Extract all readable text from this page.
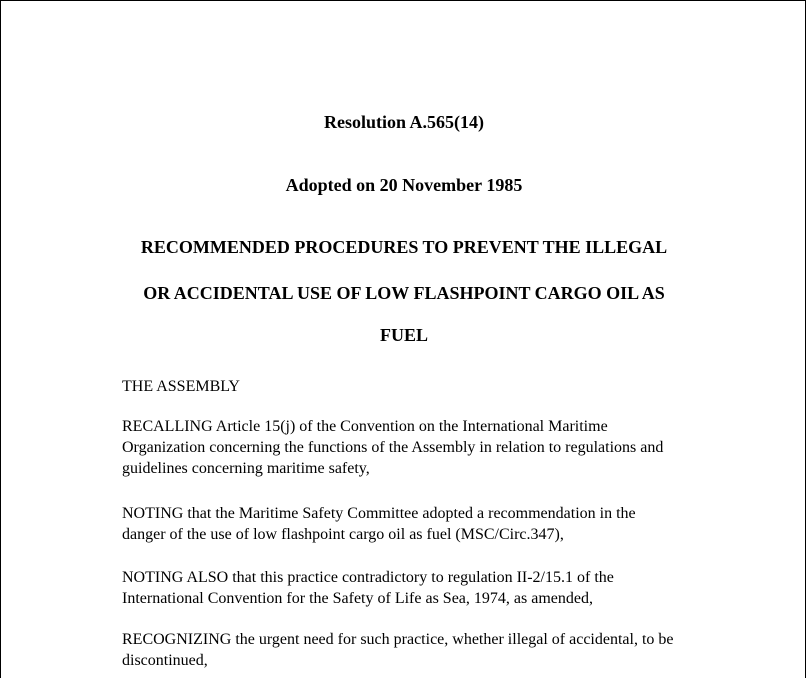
Resolution A.565(14)

Adopted on 20 November 1985

RECOMMENDED PROCEDURES TO PREVENT THE ILLEGAL

OR ACCIDENTAL USE OF LOW FLASHPOINT CARGO OIL AS

FUEL

THE ASSEMBLY

RECALLING Article 15(j) of the Convention on the International Maritime
Organization concerning the functions of the Assembly in relation to regulations and
guidelines concerning maritime safety,
NOTING that the Maritime Safety Committee adopted a recommendation in the
danger of the use of low flashpoint cargo oil as fuel (MSC/Circ.347),
NOTING ALSO that this practice contradictory to regulation II-2/15.1 of the
International Convention for the Safety of Life as Sea, 1974, as amended,
RECOGNIZING the urgent need for such practice, whether illegal of accidental, to be
discontinued,
